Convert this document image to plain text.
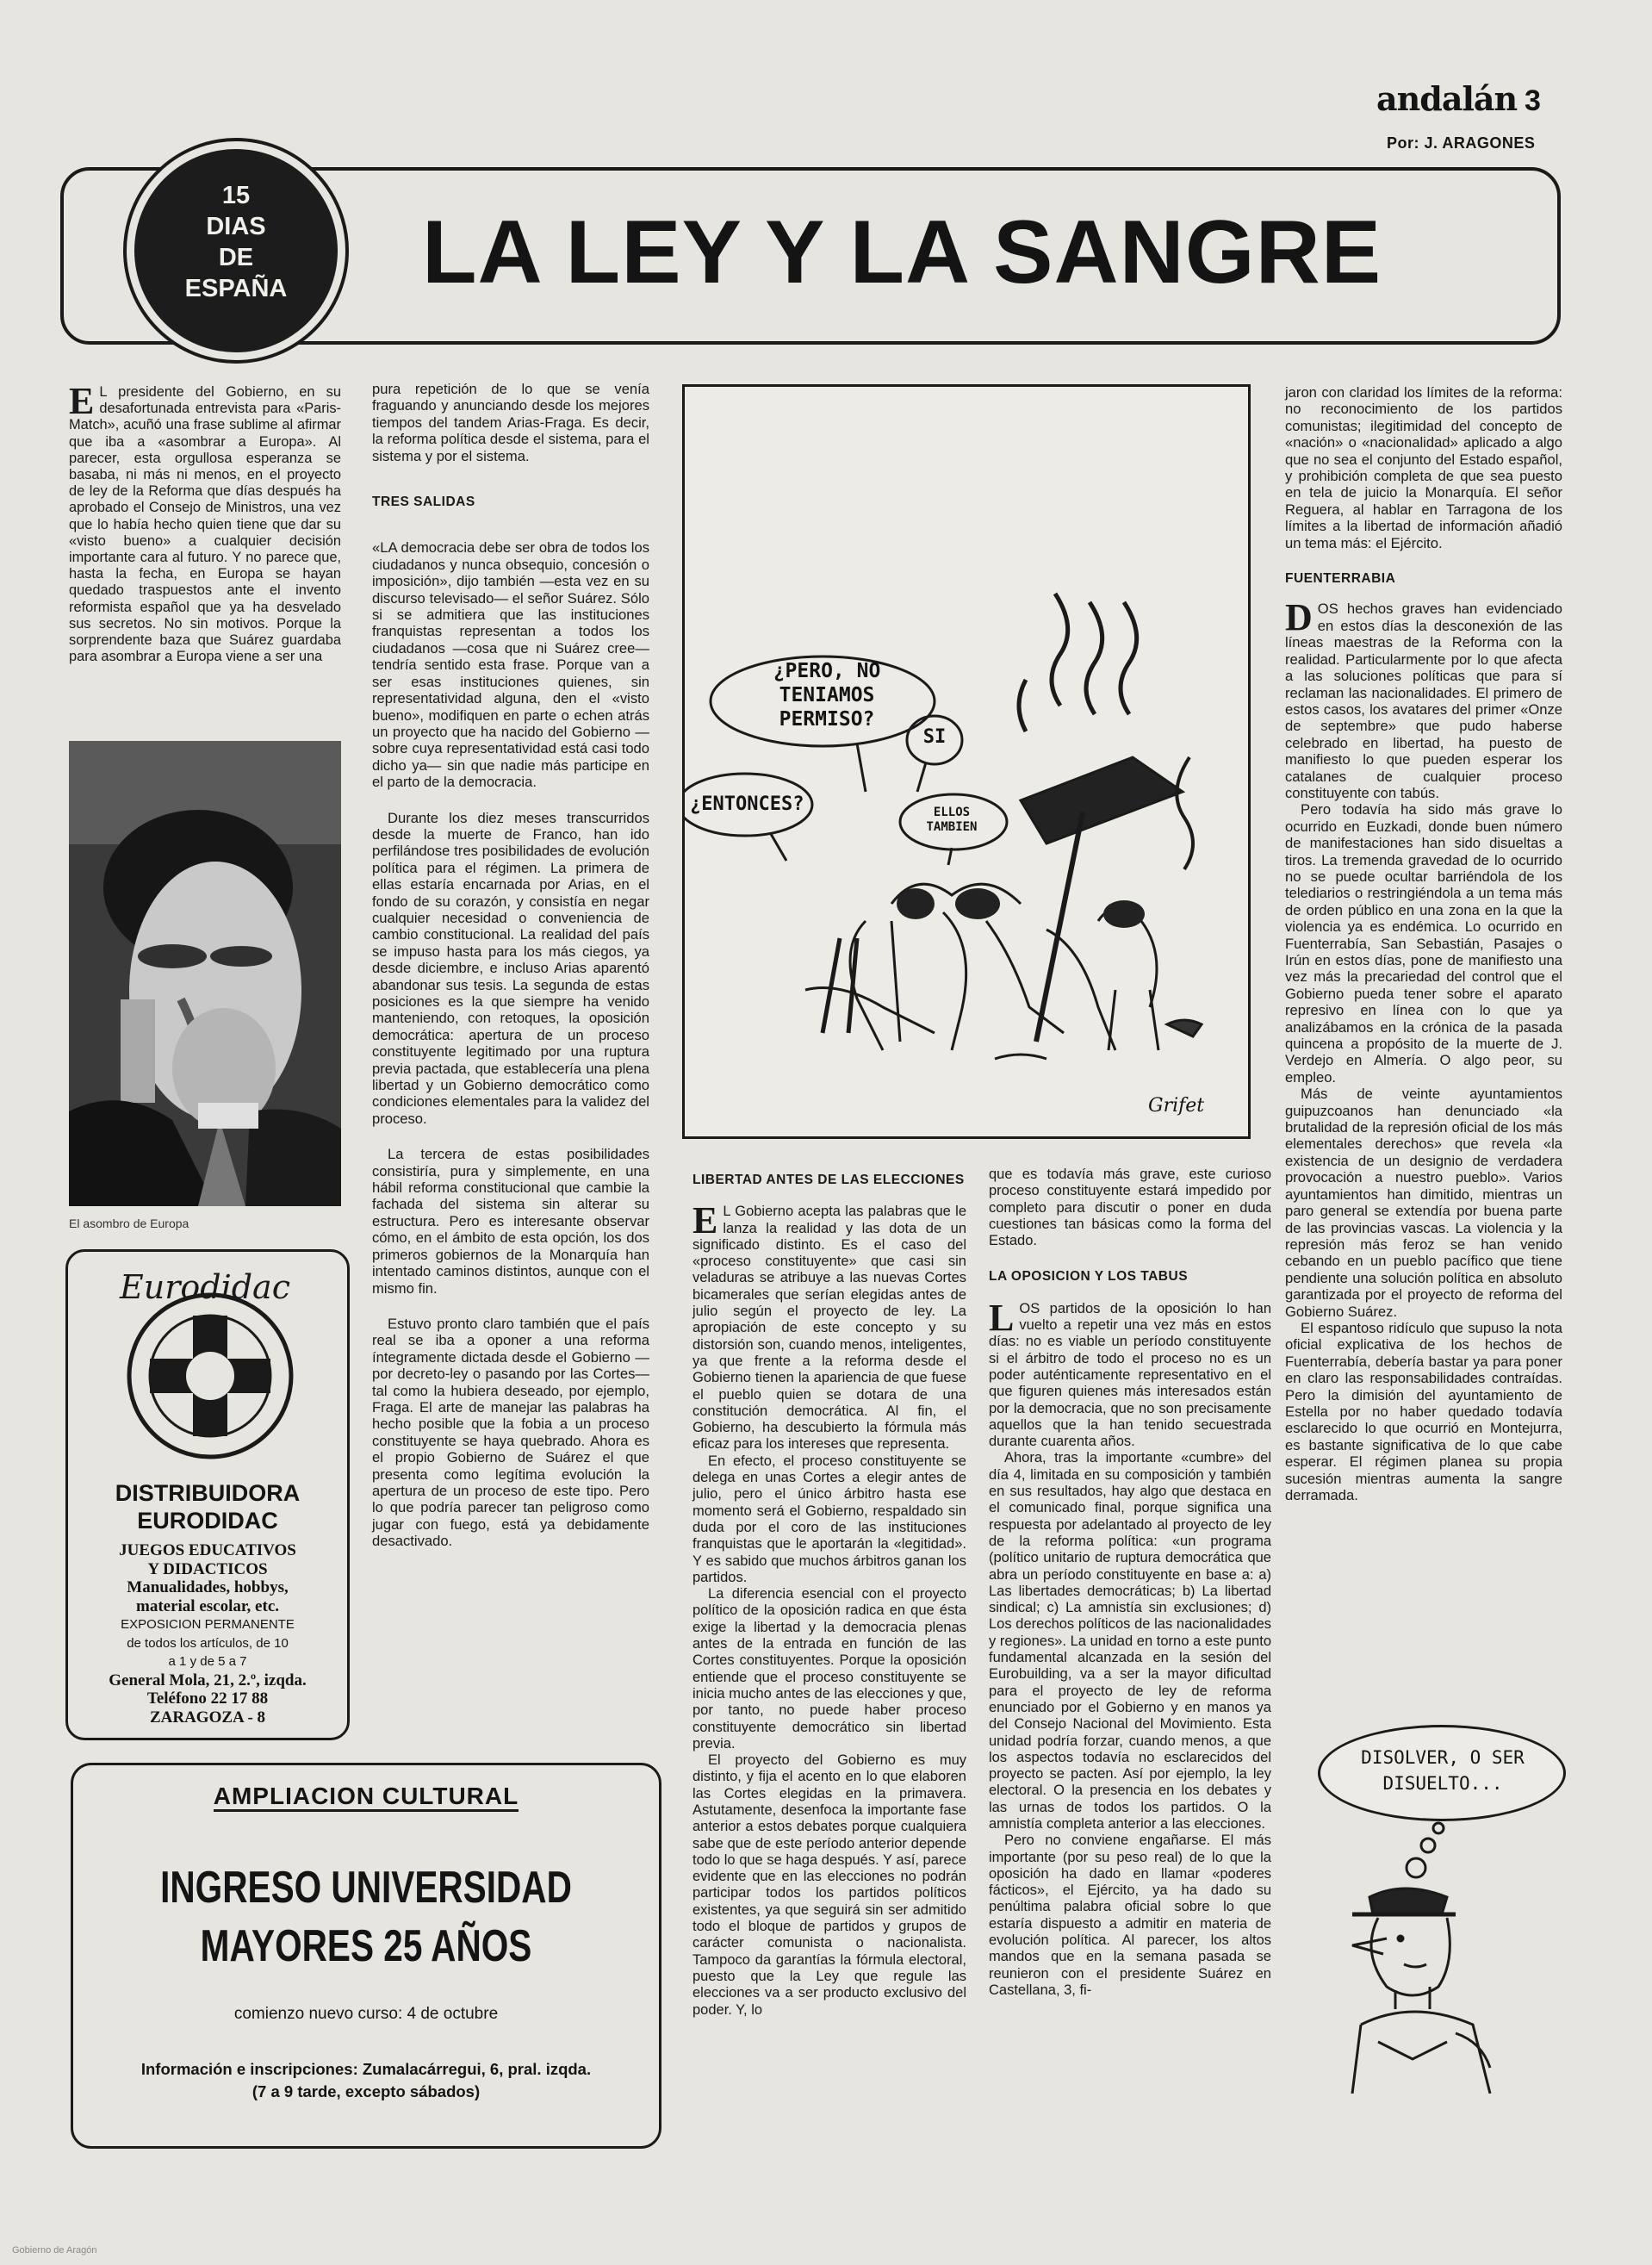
andalán 3
Por: J. ARAGONES
LA LEY Y LA SANGRE
15
DIAS
DE
ESPAÑA

E L presidente del Gobierno, en su desafortunada entrevista para «Paris-Match», acuñó una frase sublime al afirmar que iba a «asombrar a Europa». Al parecer, esta orgullosa esperanza se basaba, ni más ni menos, en el proyecto de ley de la Reforma que días después ha aprobado el Consejo de Ministros, una vez que lo había hecho quien tiene que dar su «visto bueno» a cualquier decisión importante cara al futuro. Y no parece que, hasta la fecha, en Europa se hayan quedado traspuestos ante el invento reformista español que ya ha desvelado sus secretos. No sin motivos. Porque la sorprendente baza que Suárez guardaba para asombrar a Europa viene a ser una

El asombro de Europa
Eurodidac
DISTRIBUIDORA
EURODIDAC
JUEGOS EDUCATIVOS
Y DIDACTICOS
Manualidades, hobbys,
material escolar, etc.
EXPOSICION PERMANENTE
de todos los artículos, de 10
a 1 y de 5 a 7
General Mola, 21, 2.º, izqda.
Teléfono 22 17 88
ZARAGOZA - 8
AMPLIACION CULTURAL
INGRESO UNIVERSIDAD
MAYORES 25 AÑOS
comienzo nuevo curso: 4 de octubre
Información e inscripciones: Zumalacárregui, 6, pral. izqda.
(7 a 9 tarde, excepto sábados)

pura repetición de lo que se venía fraguando y anunciando desde los mejores tiempos del tandem Arias-Fraga. Es decir, la reforma política desde el sistema, para el sistema y por el sistema.

TRES SALIDAS

«LA democracia debe ser obra de todos los ciudadanos y nunca obsequio, concesión o imposición», dijo también —esta vez en su discurso televisado— el señor Suárez. Sólo si se admitiera que las instituciones franquistas representan a todos los ciudadanos —cosa que ni Suárez cree— tendría sentido esta frase. Porque van a ser esas instituciones quienes, sin representatividad alguna, den el «visto bueno», modifiquen en parte o echen atrás un proyecto que ha nacido del Gobierno —sobre cuya representatividad está casi todo dicho ya— sin que nadie más participe en el parto de la democracia.

Durante los diez meses transcurridos desde la muerte de Franco, han ido perfilándose tres posibilidades de evolución política para el régimen. La primera de ellas estaría encarnada por Arias, en el fondo de su corazón, y consistía en negar cualquier necesidad o conveniencia de cambio constitucional. La realidad del país se impuso hasta para los más ciegos, ya desde diciembre, e incluso Arias aparentó abandonar sus tesis. La segunda de estas posiciones es la que siempre ha venido manteniendo, con retoques, la oposición democrática: apertura de un proceso constituyente legitimado por una ruptura previa pactada, que establecería una plena libertad y un Gobierno democrático como condiciones elementales para la validez del proceso.

La tercera de estas posibilidades consistiría, pura y simplemente, en una hábil reforma constitucional que cambie la fachada del sistema sin alterar su estructura. Pero es interesante observar cómo, en el ámbito de esta opción, los dos primeros gobiernos de la Monarquía han intentado caminos distintos, aunque con el mismo fin.

Estuvo pronto claro también que el país real se iba a oponer a una reforma íntegramente dictada desde el Gobierno —por decreto-ley o pasando por las Cortes— tal como la hubiera deseado, por ejemplo, Fraga. El arte de manejar las palabras ha hecho posible que la fobia a un proceso constituyente se haya quebrado. Ahora es el propio Gobierno de Suárez el que presenta como legítima evolución la apertura de un proceso de este tipo. Pero lo que podría parecer tan peligroso como jugar con fuego, está ya debidamente desactivado.

¿PERO, NO TENIAMOS PERMISO?
SI
¿ENTONCES?	ELLOS TAMBIEN
Grifet
LIBERTAD ANTES DE LAS ELECCIONES

E L Gobierno acepta las palabras que le lanza la realidad y las dota de un significado distinto. Es el caso del «proceso constituyente» que casi sin veladuras se atribuye a las nuevas Cortes bicamerales que serían elegidas antes de julio según el proyecto de ley. La apropiación de este concepto y su distorsión son, cuando menos, inteligentes, ya que frente a la reforma desde el Gobierno tienen la apariencia de que fuese el pueblo quien se dotara de una constitución democrática. Al fin, el Gobierno, ha descubierto la fórmula más eficaz para los intereses que representa.

En efecto, el proceso constituyente se delega en unas Cortes a elegir antes de julio, pero el único árbitro hasta ese momento será el Gobierno, respaldado sin duda por el coro de las instituciones franquistas que le aportarán la «legitidad». Y es sabido que muchos árbitros ganan los partidos.

La diferencia esencial con el proyecto político de la oposición radica en que ésta exige la libertad y la democracia plenas antes de la entrada en función de las Cortes constituyentes. Porque la oposición entiende que el proceso constituyente se inicia mucho antes de las elecciones y que, por tanto, no puede haber proceso constituyente democrático sin libertad previa.

El proyecto del Gobierno es muy distinto, y fija el acento en lo que elaboren las Cortes elegidas en la primavera. Astutamente, desenfoca la importante fase anterior a estos debates porque cualquiera sabe que de este período anterior depende todo lo que se haga después. Y así, parece evidente que en las elecciones no podrán participar todos los partidos políticos existentes, ya que seguirá sin ser admitido todo el bloque de partidos y grupos de carácter comunista o nacionalista. Tampoco da garantías la fórmula electoral, puesto que la Ley que regule las elecciones va a ser producto exclusivo del poder. Y, lo

que es todavía más grave, este curioso proceso constituyente estará impedido por completo para discutir o poner en duda cuestiones tan básicas como la forma del Estado.

LA OPOSICION Y LOS TABUS

LOS partidos de la oposición lo han vuelto a repetir una vez más en estos días: no es viable un período constituyente si el árbitro de todo el proceso no es un poder auténticamente representativo en el que figuren quienes más interesados están por la democracia, que no son precisamente aquellos que la han tenido secuestrada durante cuarenta años.

Ahora, tras la importante «cumbre» del día 4, limitada en su composición y también en sus resultados, hay algo que destaca en el comunicado final, porque significa una respuesta por adelantado al proyecto de ley de la reforma política: «un programa (político unitario de ruptura democrática que abra un período constituyente en base a: a) Las libertades democráticas; b) La libertad sindical; c) La amnistía sin exclusiones; d) Los derechos políticos de las nacionalidades y regiones». La unidad en torno a este punto fundamental alcanzada en la sesión del Eurobuilding, va a ser la mayor dificultad para el proyecto de ley de reforma enunciado por el Gobierno y en manos ya del Consejo Nacional del Movimiento. Esta unidad podría forzar, cuando menos, a que los aspectos todavía no esclarecidos del proyecto se pacten. Así por ejemplo, la ley electoral. O la presencia en los debates y las urnas de todos los partidos. O la amnistía completa anterior a las elecciones.

Pero no conviene engañarse. El más importante (por su peso real) de lo que la oposición ha dado en llamar «poderes fácticos», el Ejército, ya ha dado su penúltima palabra oficial sobre lo que estaría dispuesto a admitir en materia de evolución política. Al parecer, los altos mandos que en la semana pasada se reunieron con el presidente Suárez en Castellana, 3, fi-

jaron con claridad los límites de la reforma: no reconocimiento de los partidos comunistas; ilegitimidad del concepto de «nación» o «nacionalidad» aplicado a algo que no sea el conjunto del Estado español, y prohibición completa de que sea puesto en tela de juicio la Monarquía. El señor Reguera, al hablar en Tarragona de los límites a la libertad de información añadió un tema más: el Ejército.

FUENTERRABIA

DOS hechos graves han evidenciado en estos días la desconexión de las líneas maestras de la Reforma con la realidad. Particularmente por lo que afecta a las soluciones políticas que para sí reclaman las nacionalidades. El primero de estos casos, los avatares del primer «Onze de septembre» que pudo haberse celebrado en libertad, ha puesto de manifiesto lo que pueden esperar los catalanes de cualquier proceso constituyente con tabús.

Pero todavía ha sido más grave lo ocurrido en Euzkadi, donde buen número de manifestaciones han sido disueltas a tiros. La tremenda gravedad de lo ocurrido no se puede ocultar barriéndola de los telediarios o restringiéndola a un tema más de orden público en una zona en la que la violencia ya es endémica. Lo ocurrido en Fuenterrabía, San Sebastián, Pasajes o Irún en estos días, pone de manifiesto una vez más la precariedad del control que el Gobierno pueda tener sobre el aparato represivo en línea con lo que ya analizábamos en la crónica de la pasada quincena a propósito de la muerte de J. Verdejo en Almería. O algo peor, su empleo.

Más de veinte ayuntamientos guipuzcoanos han denunciado «la brutalidad de la represión oficial de los más elementales derechos» que revela «la existencia de un designio de verdadera provocación a nuestro pueblo». Varios ayuntamientos han dimitido, mientras un paro general se extendía por buena parte de las provincias vascas. La violencia y la represión más feroz se han venido cebando en un pueblo pacífico que tiene pendiente una solución política en absoluto garantizada por el proyecto de reforma del Gobierno Suárez.

El espantoso ridículo que supuso la nota oficial explicativa de los hechos de Fuenterrabía, debería bastar ya para poner en claro las responsabilidades contraídas. Pero la dimisión del ayuntamiento de Estella por no haber quedado todavía esclarecido lo que ocurrió en Montejurra, es bastante significativa de lo que cabe esperar. El régimen planea su propia sucesión mientras aumenta la sangre derramada.

DISOLVER, O SER DISUELTO...
Gobierno de Aragón
